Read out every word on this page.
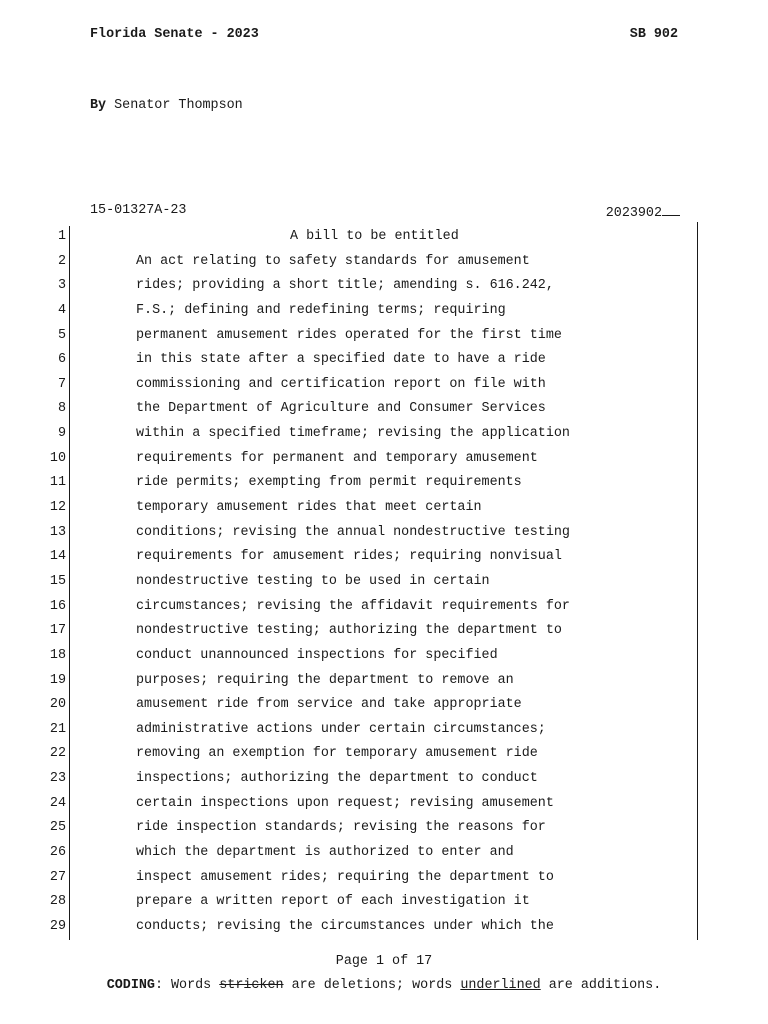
Florida Senate - 2023	SB 902
By Senator Thompson
15-01327A-23	2023902
1	A bill to be entitled
2	An act relating to safety standards for amusement
3	rides; providing a short title; amending s. 616.242,
4	F.S.; defining and redefining terms; requiring
5	permanent amusement rides operated for the first time
6	in this state after a specified date to have a ride
7	commissioning and certification report on file with
8	the Department of Agriculture and Consumer Services
9	within a specified timeframe; revising the application
10	requirements for permanent and temporary amusement
11	ride permits; exempting from permit requirements
12	temporary amusement rides that meet certain
13	conditions; revising the annual nondestructive testing
14	requirements for amusement rides; requiring nonvisual
15	nondestructive testing to be used in certain
16	circumstances; revising the affidavit requirements for
17	nondestructive testing; authorizing the department to
18	conduct unannounced inspections for specified
19	purposes; requiring the department to remove an
20	amusement ride from service and take appropriate
21	administrative actions under certain circumstances;
22	removing an exemption for temporary amusement ride
23	inspections; authorizing the department to conduct
24	certain inspections upon request; revising amusement
25	ride inspection standards; revising the reasons for
26	which the department is authorized to enter and
27	inspect amusement rides; requiring the department to
28	prepare a written report of each investigation it
29	conducts; revising the circumstances under which the
Page 1 of 17
CODING: Words stricken are deletions; words underlined are additions.
